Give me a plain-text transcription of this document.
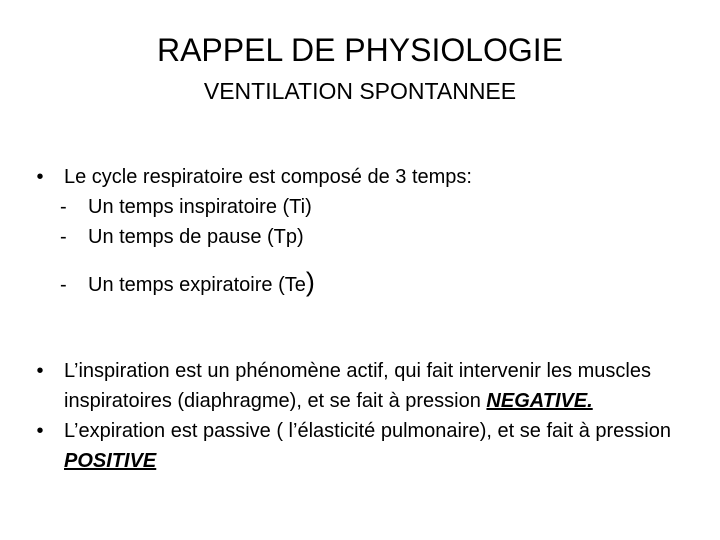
RAPPEL DE PHYSIOLOGIE
VENTILATION SPONTANNEE
•	Le cycle respiratoire est composé de 3 temps:
- Un temps inspiratoire (Ti)
- Un temps de pause (Tp)
- Un temps expiratoire (Te)
•	L’inspiration est un phénomène actif, qui fait intervenir les muscles inspiratoires (diaphragme), et se fait à pression NEGATIVE.
•	L’expiration est passive ( l’élasticité pulmonaire), et se fait à pression POSITIVE
